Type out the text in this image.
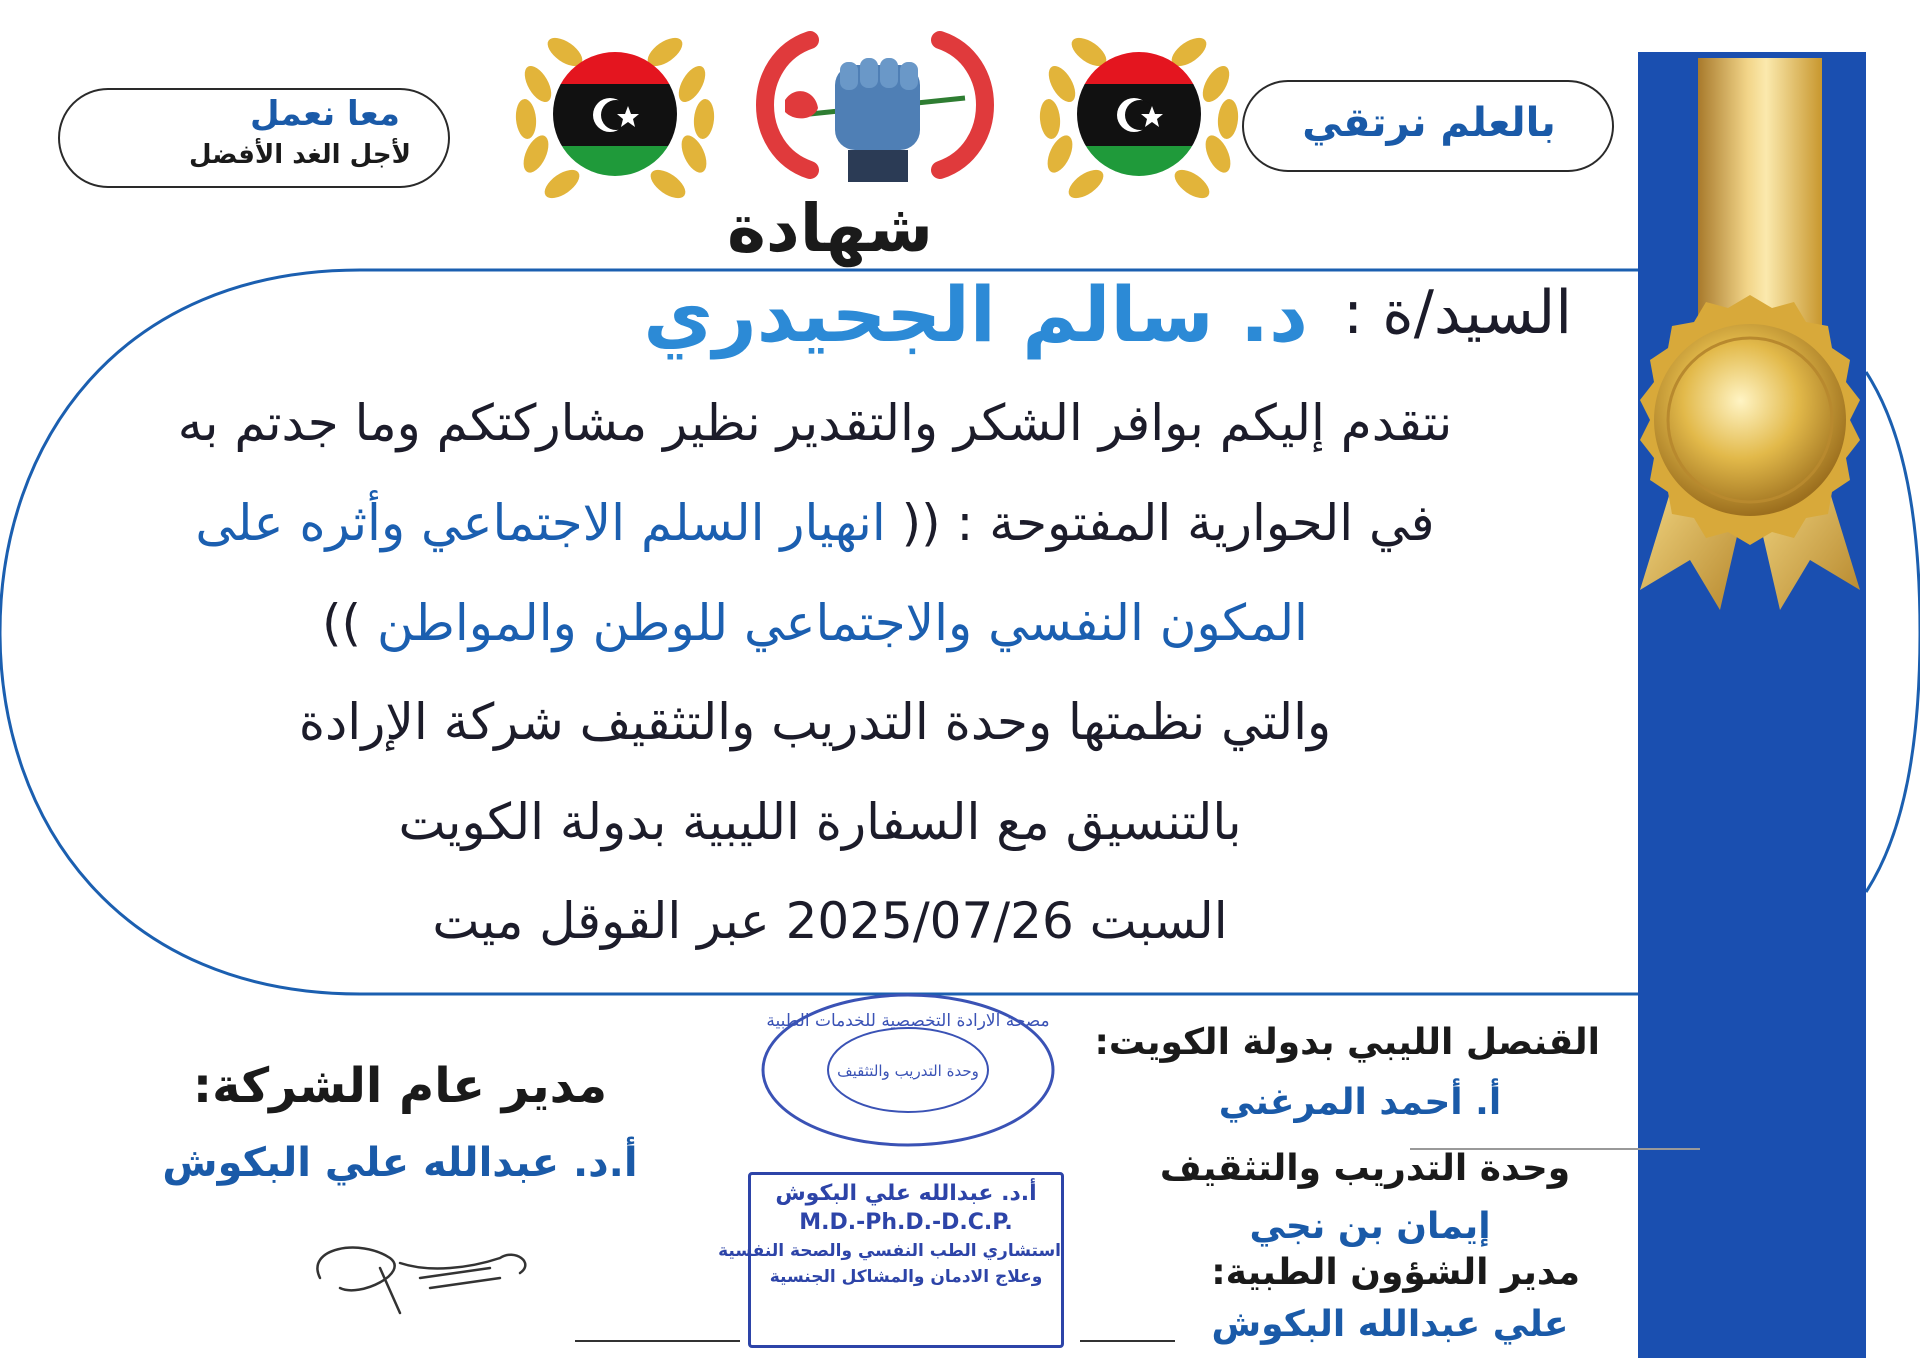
معا نعمل
لأجل الغد الأفضل
بالعلم نرتقي
شهادة
السيد/ة :
د. سالم الجحيدري
نتقدم إليكم بوافر الشكر والتقدير نظير مشاركتكم وما جدتم به
في الحوارية المفتوحة : (( انهيار السلم الاجتماعي وأثره على
المكون النفسي والاجتماعي للوطن والمواطن ))
والتي نظمتها وحدة التدريب والتثقيف شركة الإرادة
بالتنسيق مع السفارة الليبية بدولة الكويت
السبت 2025/07/26 عبر القوقل ميت
مدير عام الشركة:
أ.د. عبدالله علي البكوش
مصحة الارادة التخصصية للخدمات الطبية
وحدة التدريب والتثقيف
أ.د. عبدالله علي البكوش
M.D.-Ph.D.-D.C.P.
استشاري الطب النفسي والصحة النفسية
وعلاج الادمان والمشاكل الجنسية
القنصل الليبي بدولة الكويت:
أ. أحمد المرغني
وحدة التدريب والتثقيف
إيمان بن نجي
مدير الشؤون الطبية:
علي عبدالله البكوش
